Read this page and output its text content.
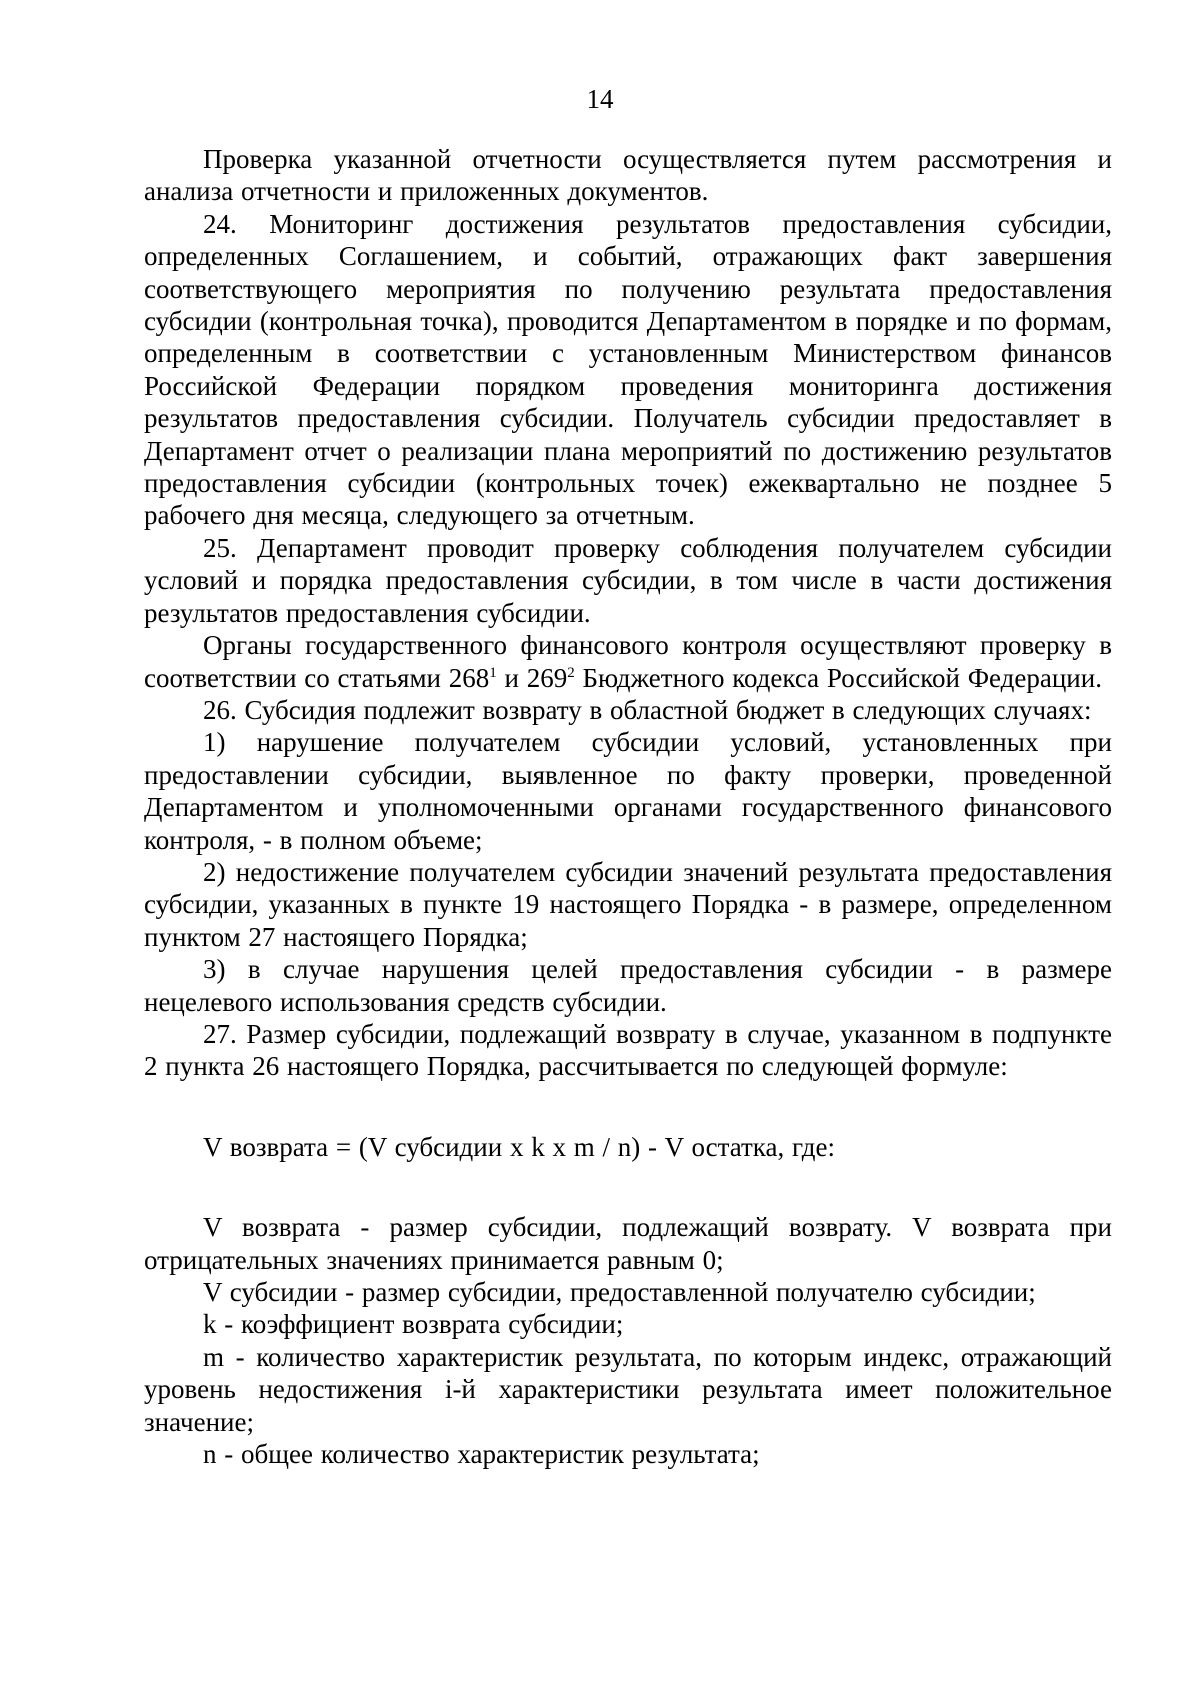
14

Проверка указанной отчетности осуществляется путем рассмотрения и анализа отчетности и приложенных документов.

24. Мониторинг достижения результатов предоставления субсидии, определенных Соглашением, и событий, отражающих факт завершения соответствующего мероприятия по получению результата предоставления субсидии (контрольная точка), проводится Департаментом в порядке и по формам, определенным в соответствии с установленным Министерством финансов Российской Федерации порядком проведения мониторинга достижения результатов предоставления субсидии. Получатель субсидии предоставляет в Департамент отчет о реализации плана мероприятий по достижению результатов предоставления субсидии (контрольных точек) ежеквартально не позднее 5 рабочего дня месяца, следующего за отчетным.

25. Департамент проводит проверку соблюдения получателем субсидии условий и порядка предоставления субсидии, в том числе в части достижения результатов предоставления субсидии.

Органы государственного финансового контроля осуществляют проверку в соответствии со статьями $268^1$ и $269^2$ Бюджетного кодекса Российской Федерации.

26. Субсидия подлежит возврату в областной бюджет в следующих случаях:

1) нарушение получателем субсидии условий, установленных при предоставлении субсидии, выявленное по факту проверки, проведенной Департаментом и уполномоченными органами государственного финансового контроля, - в полном объеме;

2) недостижение получателем субсидии значений результата предоставления субсидии, указанных в пункте 19 настоящего Порядка - в размере, определенном пунктом 27 настоящего Порядка;

3) в случае нарушения целей предоставления субсидии - в размере нецелевого использования средств субсидии.

27. Размер субсидии, подлежащий возврату в случае, указанном в подпункте 2 пункта 26 настоящего Порядка, рассчитывается по следующей формуле:

V возврата = (V субсидии x k x m / n) - V остатка, где:

V возврата - размер субсидии, подлежащий возврату. V возврата при отрицательных значениях принимается равным 0;

V субсидии - размер субсидии, предоставленной получателю субсидии;

k - коэффициент возврата субсидии;

m - количество характеристик результата, по которым индекс, отражающий уровень недостижения i-й характеристики результата имеет положительное значение;

n - общее количество характеристик результата;
